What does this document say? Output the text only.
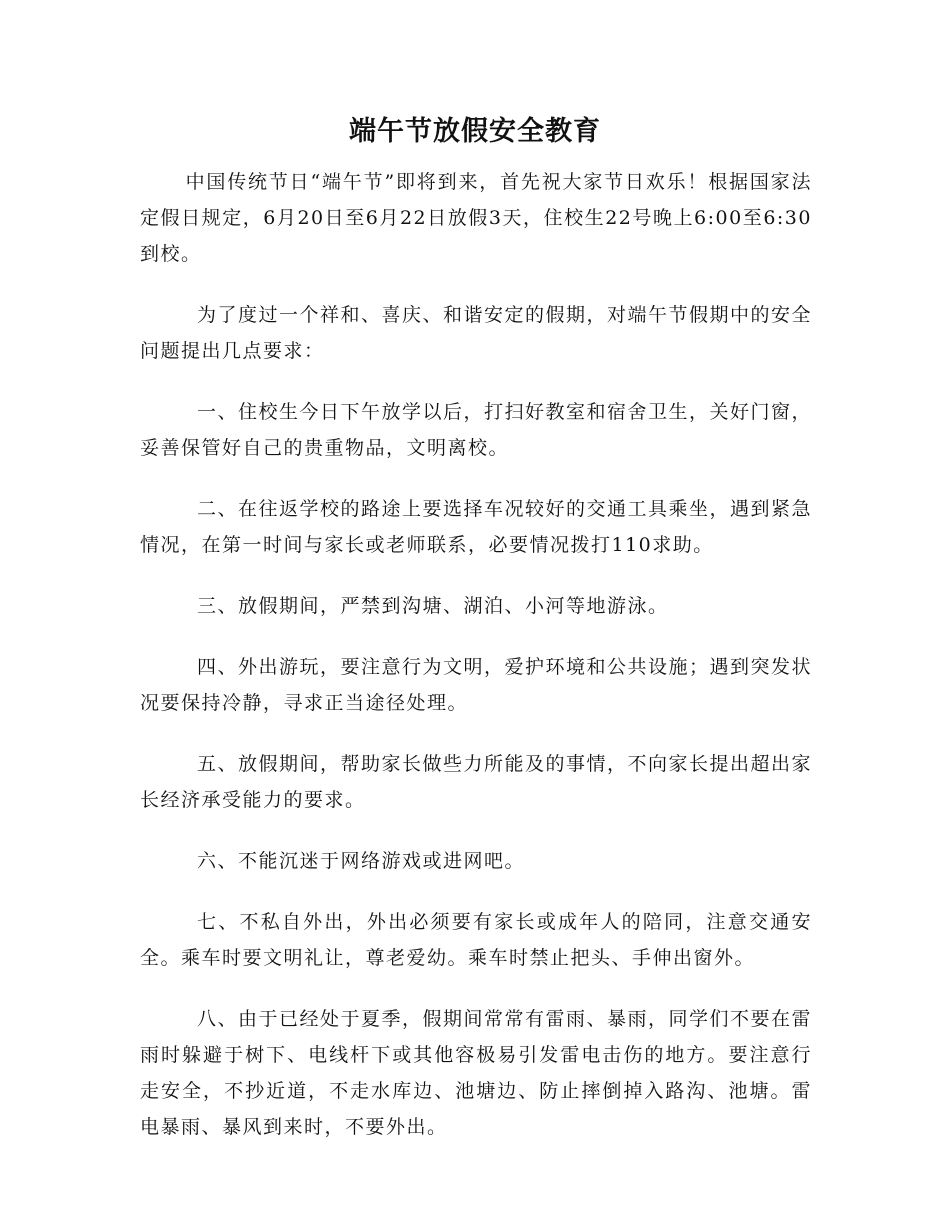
端午节放假安全教育

中国传统节日“端午节”即将到来，首先祝大家节日欢乐！根据国家法定假日规定，6月20日至6月22日放假3天，住校生22号晚上6:00至6:30到校。

为了度过一个祥和、喜庆、和谐安定的假期，对端午节假期中的安全问题提出几点要求：

一、住校生今日下午放学以后，打扫好教室和宿舍卫生，关好门窗，妥善保管好自己的贵重物品，文明离校。

二、在往返学校的路途上要选择车况较好的交通工具乘坐，遇到紧急情况，在第一时间与家长或老师联系，必要情况拨打110求助。

三、放假期间，严禁到沟塘、湖泊、小河等地游泳。

四、外出游玩，要注意行为文明，爱护环境和公共设施；遇到突发状况要保持冷静，寻求正当途径处理。

五、放假期间，帮助家长做些力所能及的事情，不向家长提出超出家长经济承受能力的要求。

六、不能沉迷于网络游戏或进网吧。

七、不私自外出，外出必须要有家长或成年人的陪同，注意交通安全。乘车时要文明礼让，尊老爱幼。乘车时禁止把头、手伸出窗外。

八、由于已经处于夏季，假期间常常有雷雨、暴雨，同学们不要在雷雨时躲避于树下、电线杆下或其他容极易引发雷电击伤的地方。要注意行走安全，不抄近道，不走水库边、池塘边、防止摔倒掉入路沟、池塘。雷电暴雨、暴风到来时，不要外出。
